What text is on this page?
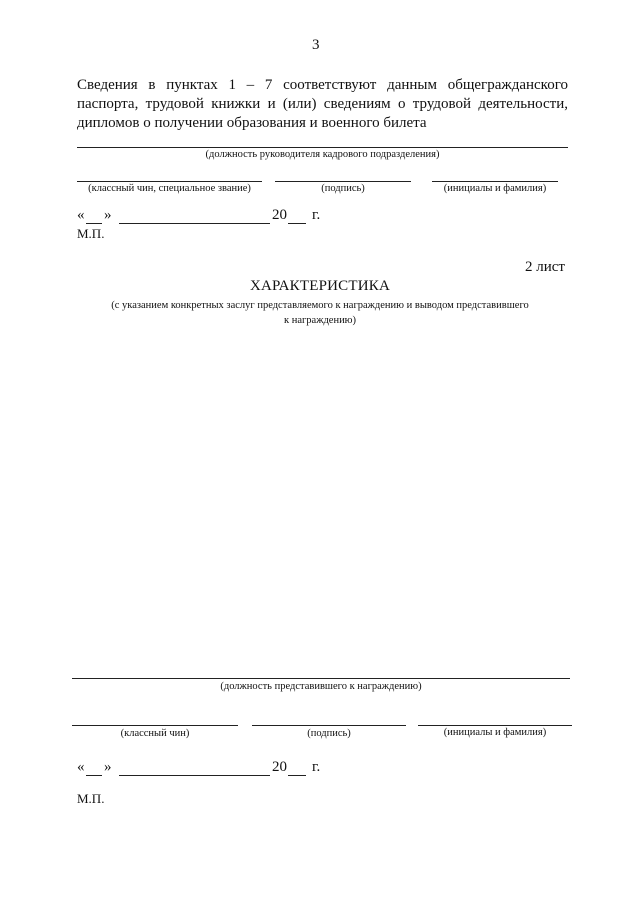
3
Сведения в пунктах 1 – 7 соответствуют данным общегражданского
паспорта, трудовой книжки и (или) сведениям о трудовой деятельности,
дипломов о получении образования и военного билета
(должность руководителя кадрового подразделения)
(классный чин, специальное звание)	(подпись)	(инициалы и фамилия)
« »	20 г.
М.П.
2 лист
ХАРАКТЕРИСТИКА
(с указанием конкретных заслуг представляемого к награждению и выводом представившего
к награждению)
(должность представившего к награждению)
(классный чин)	(подпись)	(инициалы и фамилия)
« »	20 г.
М.П.
